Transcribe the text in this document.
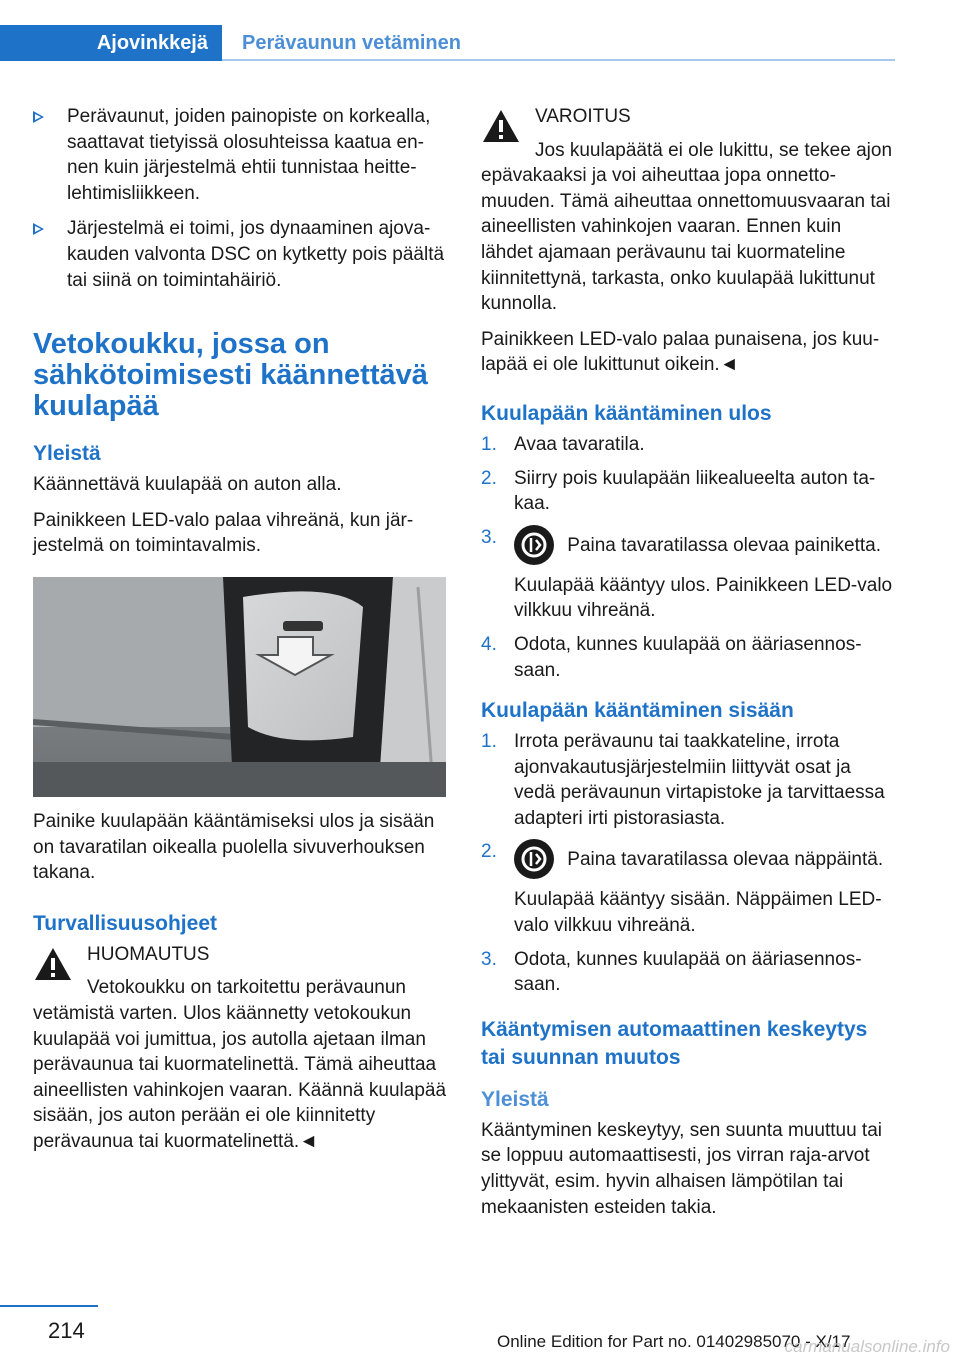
Ajovinkkejä	Perävaunun vetäminen
Perävaunut, joiden painopiste on korkealla, saattavat tietyissä olosuhteissa kaatua ennen kuin järjestelmä ehtii tunnistaa heittelehtimisliikkeen.
Järjestelmä ei toimi, jos dynaaminen ajovakauden valvonta DSC on kytketty pois päältä tai siinä on toimintahäiriö.
Vetokoukku, jossa on sähkötoimisesti käännettävä kuulapää
Yleistä

Käännettävä kuulapää on auton alla.

Painikkeen LED-valo palaa vihreänä, kun järjestelmä on toimintavalmis.

Painike kuulapään kääntämiseksi ulos ja sisään on tavaratilan oikealla puolella sivuverhouksen takana.

Turvallisuusohjeet
HUOMAUTUS
Vetokoukku on tarkoitettu perävaunun vetämistä varten. Ulos käännetty vetokoukun kuulapää voi jumittua, jos autolla ajetaan ilman perävaunua tai kuormatelinettä. Tämä aiheuttaa aineellisten vahinkojen vaaran. Käännä kuulapää sisään, jos auton perään ei ole kiinnitetty perävaunua tai kuormatelinettä.◄
VAROITUS
Jos kuulapäätä ei ole lukittu, se tekee ajon epävakaaksi ja voi aiheuttaa jopa onnettomuuden. Tämä aiheuttaa onnettomuusvaaran tai aineellisten vahinkojen vaaran. Ennen kuin lähdet ajamaan perävaunu tai kuormateline kiinnitettynä, tarkasta, onko kuulapää lukittunut kunnolla.

Painikkeen LED-valo palaa punaisena, jos kuulapää ei ole lukittunut oikein.◄

Kuulapään kääntäminen ulos
1. Avaa tavaratila.
2. Siirry pois kuulapään liikealueelta auton takaa.
3.	Paina tavaratilassa olevaa painiketta.
Kuulapää kääntyy ulos. Painikkeen LED-valo vilkkuu vihreänä.
4. Odota, kunnes kuulapää on ääriasennossaan.
Kuulapään kääntäminen sisään
1. Irrota perävaunu tai taakkateline, irrota ajonvakautusjärjestelmiin liittyvät osat ja vedä perävaunun virtapistoke ja tarvittaessa adapteri irti pistorasiasta.
2.	Paina tavaratilassa olevaa näppäintä.
Kuulapää kääntyy sisään. Näppäimen LED-valo vilkkuu vihreänä.
3. Odota, kunnes kuulapää on ääriasennossaan.
Kääntymisen automaattinen keskeytys tai suunnan muutos
Yleistä

Kääntyminen keskeytyy, sen suunta muuttuu tai se loppuu automaattisesti, jos virran raja-arvot ylittyvät, esim. hyvin alhaisen lämpötilan tai mekaanisten esteiden takia.

214	Online Edition for Part no. 01402985070 - X/17
carmanualsonline.info
